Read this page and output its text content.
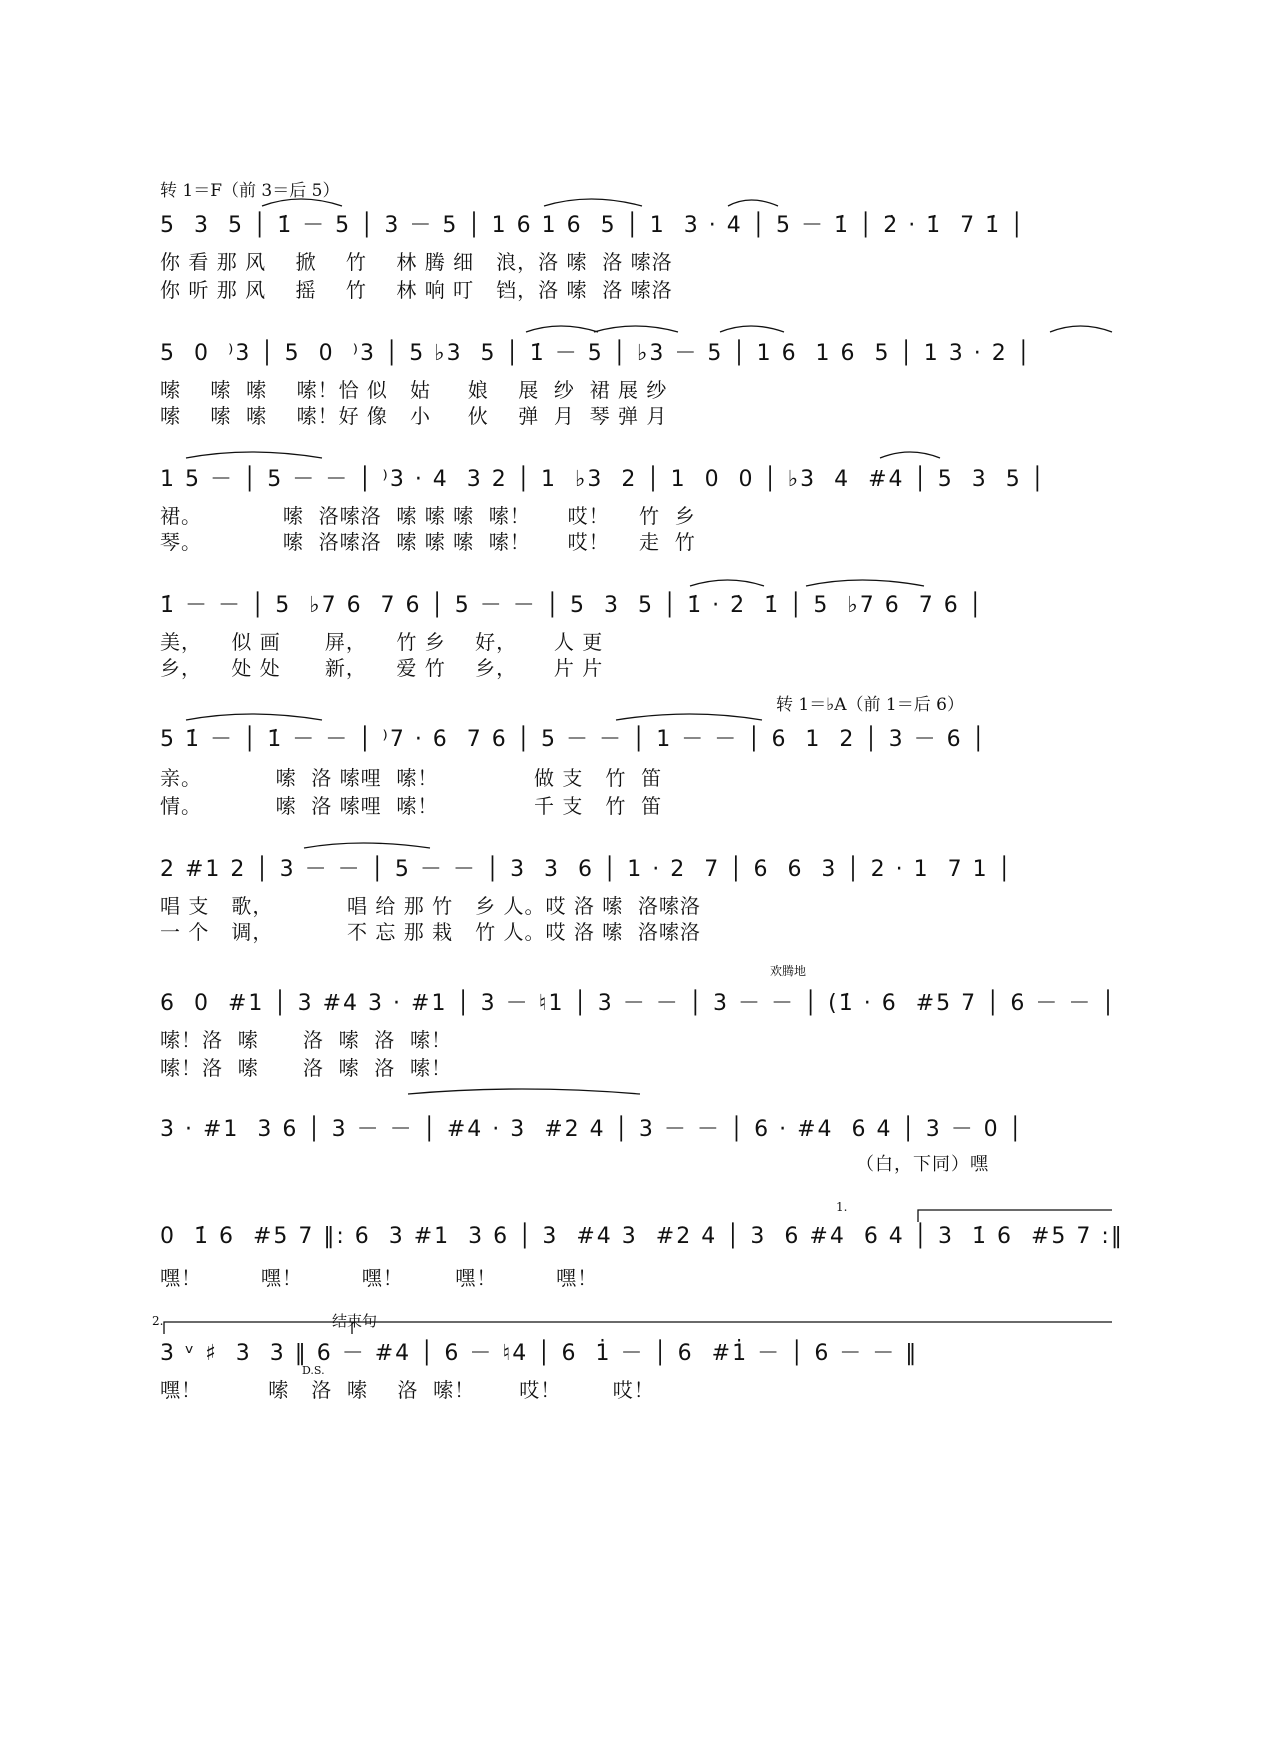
转 1＝F（前 3＝后 5）
5  3  5 │ 1̇ － 5 │ 3 － 5 │ 1 6 1 6  5 │ 1  3 · 4 │ 5 － 1̇ │ 2̇ · 1̇  7 1̇ │
你 看 那 风    掀    竹    林 腾 细   浪，洛 嗦  洛 嗦洛
你 听 那 风    摇    竹    林 响 叮   铛，洛 嗦  洛 嗦洛
5  0  ⁾3 │ 5  0  ⁾3 │ 5 ♭3  5 │ 1̇ － 5 │ ♭3 － 5 │ 1 6  1 6  5 │ 1 3 · 2 │
嗦    嗦  嗦    嗦！恰 似   姑     娘    展  纱  裙 展 纱
嗦    嗦  嗦    嗦！好 像   小     伙    弹  月  琴 弹 月
1 5 － │ 5 － － │ ⁾3 · 4  3 2 │ 1  ♭3  2 │ 1  0  0 │ ♭3  4  #4 │ 5  3  5 │
裙。           嗦  洛嗦洛  嗦 嗦 嗦  嗦！     哎！    竹  乡
琴。           嗦  洛嗦洛  嗦 嗦 嗦  嗦！     哎！    走  竹
1̇ － － │ 5  ♭7 6  7 6 │ 5 － － │ 5  3  5 │ 1̇ · 2̇  1̇ │ 5  ♭7 6  7 6 │
美，    似 画      屏，    竹 乡    好，     人 更
乡，    处 处      新，    爱 竹    乡，     片 片
转 1＝♭A（前 1＝后 6）
5 1̇ － │ 1̇ － － │ ⁾7 · 6  7 6 │ 5 － － │ 1 － － │ 6  1  2 │ 3 － 6 │
亲。          嗦  洛 嗦哩  嗦！             做 支   竹  笛
情。          嗦  洛 嗦哩  嗦！             千 支   竹  笛
2 #1 2 │ 3 － － │ 5 － － │ 3  3  6 │ 1 · 2  7 │ 6  6  3 │ 2 · 1  7 1 │
唱 支   歌，          唱 给 那 竹   乡 人。哎 洛 嗦  洛嗦洛
一 个   调，          不 忘 那 栽   竹 人。哎 洛 嗦  洛嗦洛
欢腾地
6  0  #1 │ 3 #4 3 · #1 │ 3 － ♮1 │ 3 － － │ 3 － － │ (1̇ · 6  #5 7 │ 6 － － │
嗦！洛  嗦      洛  嗦  洛  嗦！
嗦！洛  嗦      洛  嗦  洛  嗦！
3 · #1  3 6 │ 3 － － │ #4 · 3  #2 4 │ 3 － － │ 6 · #4  6 4 │ 3 － 0 │
（白，下同）嘿
1.
0  1̇ 6  #5 7 ‖: 6  3 #1  3 6 │ 3  #4 3  #2 4 │ 3  6 #4  6 4 │ 3  1̇ 6  #5 7 :‖
嘿！        嘿！        嘿！       嘿！        嘿！
2.	结束句
3 ᵛ ♯  3  3 ‖ 6 － #4 │ 6 － ♮4 │ 6  1̇ － │ 6  #1̇ － │ 6 － － ‖
D.S.
嘿！         嗦   洛  嗦    洛  嗦！      哎！       哎！
